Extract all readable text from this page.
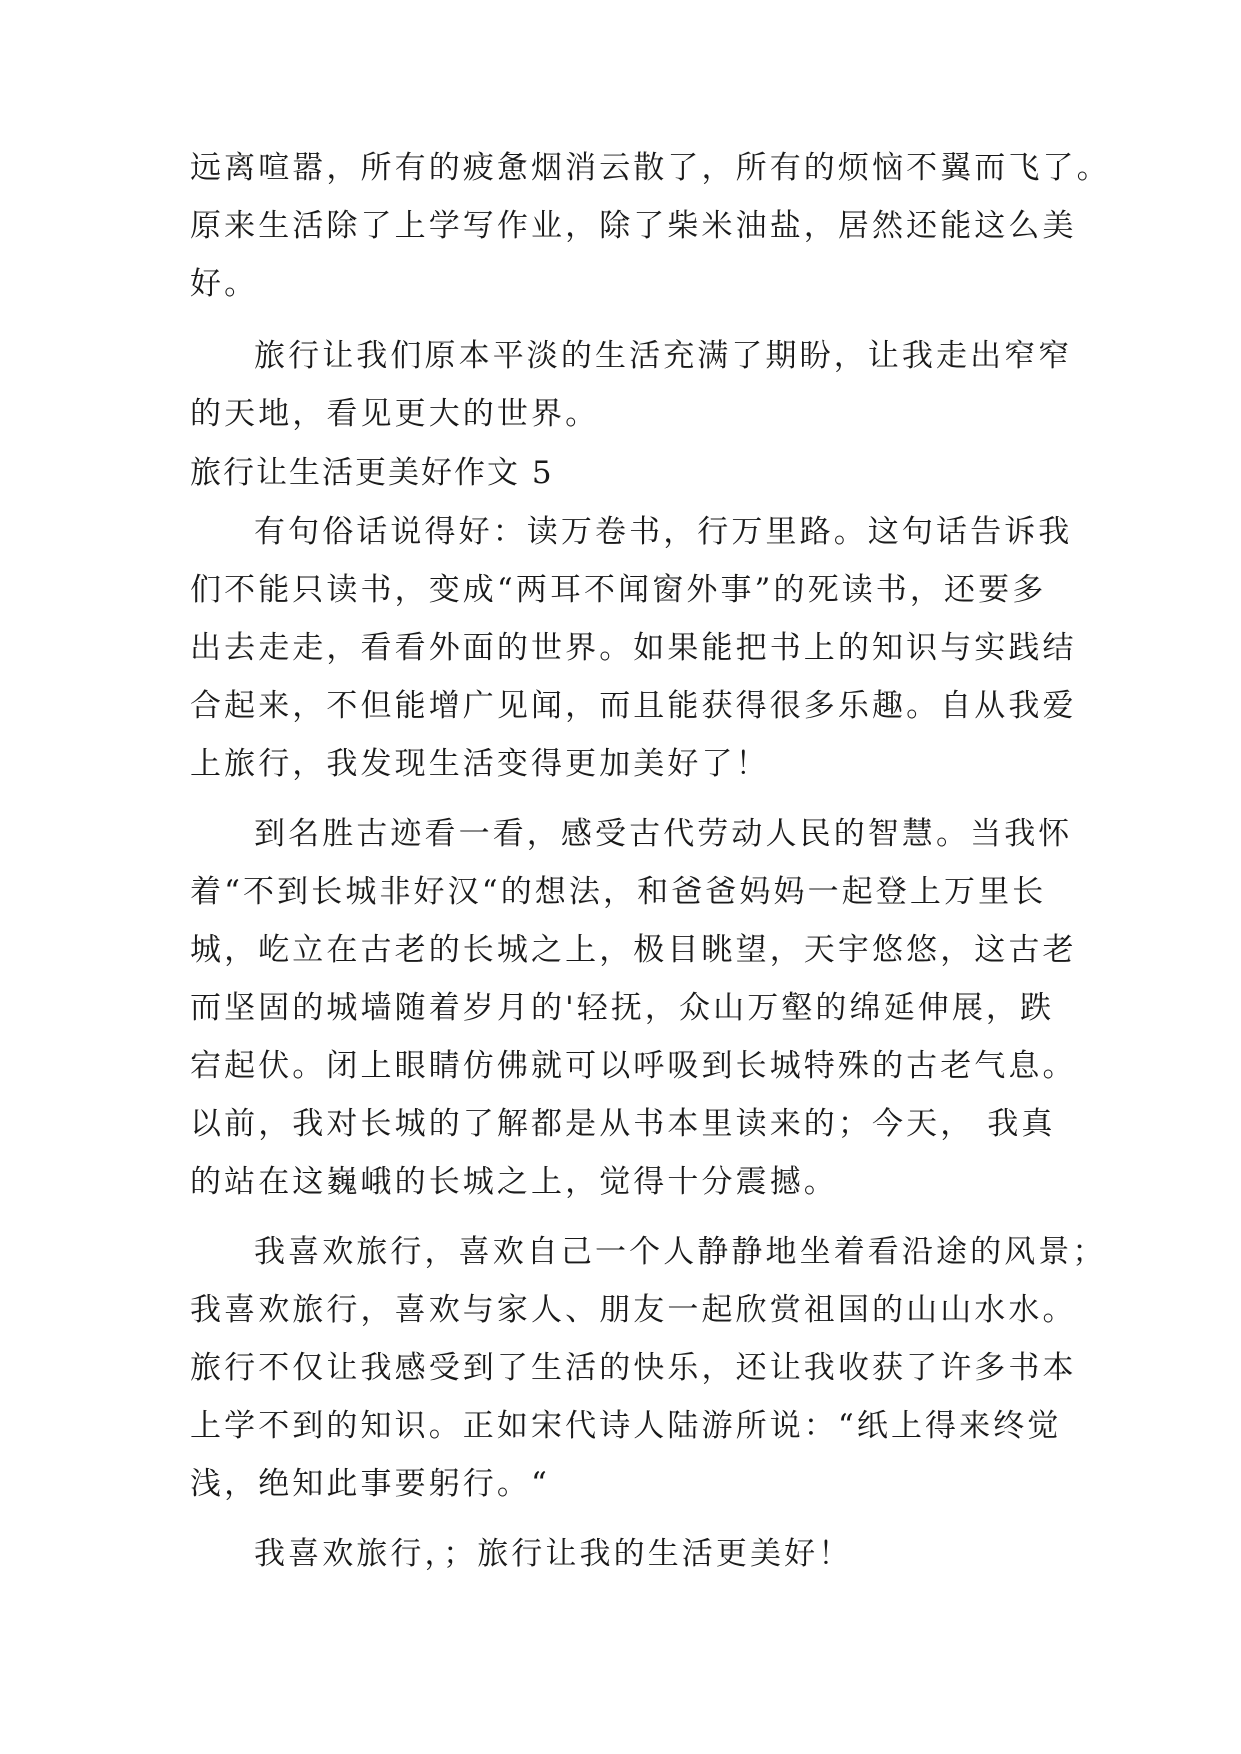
远离喧嚣，所有的疲惫烟消云散了，所有的烦恼不翼而飞了。
原来生活除了上学写作业，除了柴米油盐，居然还能这么美
好。
旅行让我们原本平淡的生活充满了期盼，让我走出窄窄
的天地，看见更大的世界。
旅行让生活更美好作文 5
有句俗话说得好：读万卷书，行万里路。这句话告诉我
们不能只读书，变成“两耳不闻窗外事”的死读书，还要多
出去走走，看看外面的世界。如果能把书上的知识与实践结
合起来，不但能增广见闻，而且能获得很多乐趣。自从我爱
上旅行，我发现生活变得更加美好了！
到名胜古迹看一看，感受古代劳动人民的智慧。当我怀
着“不到长城非好汉“的想法，和爸爸妈妈一起登上万里长
城，屹立在古老的长城之上，极目眺望，天宇悠悠，这古老
而坚固的城墙随着岁月的'轻抚，众山万壑的绵延伸展，跌
宕起伏。闭上眼睛仿佛就可以呼吸到长城特殊的古老气息。
以前，我对长城的了解都是从书本里读来的；今天， 我真
的站在这巍峨的长城之上，觉得十分震撼。
我喜欢旅行，喜欢自己一个人静静地坐着看沿途的风景；
我喜欢旅行，喜欢与家人、朋友一起欣赏祖国的山山水水。
旅行不仅让我感受到了生活的快乐，还让我收获了许多书本
上学不到的知识。正如宋代诗人陆游所说：“纸上得来终觉
浅，绝知此事要躬行。“
我喜欢旅行，；旅行让我的生活更美好！
